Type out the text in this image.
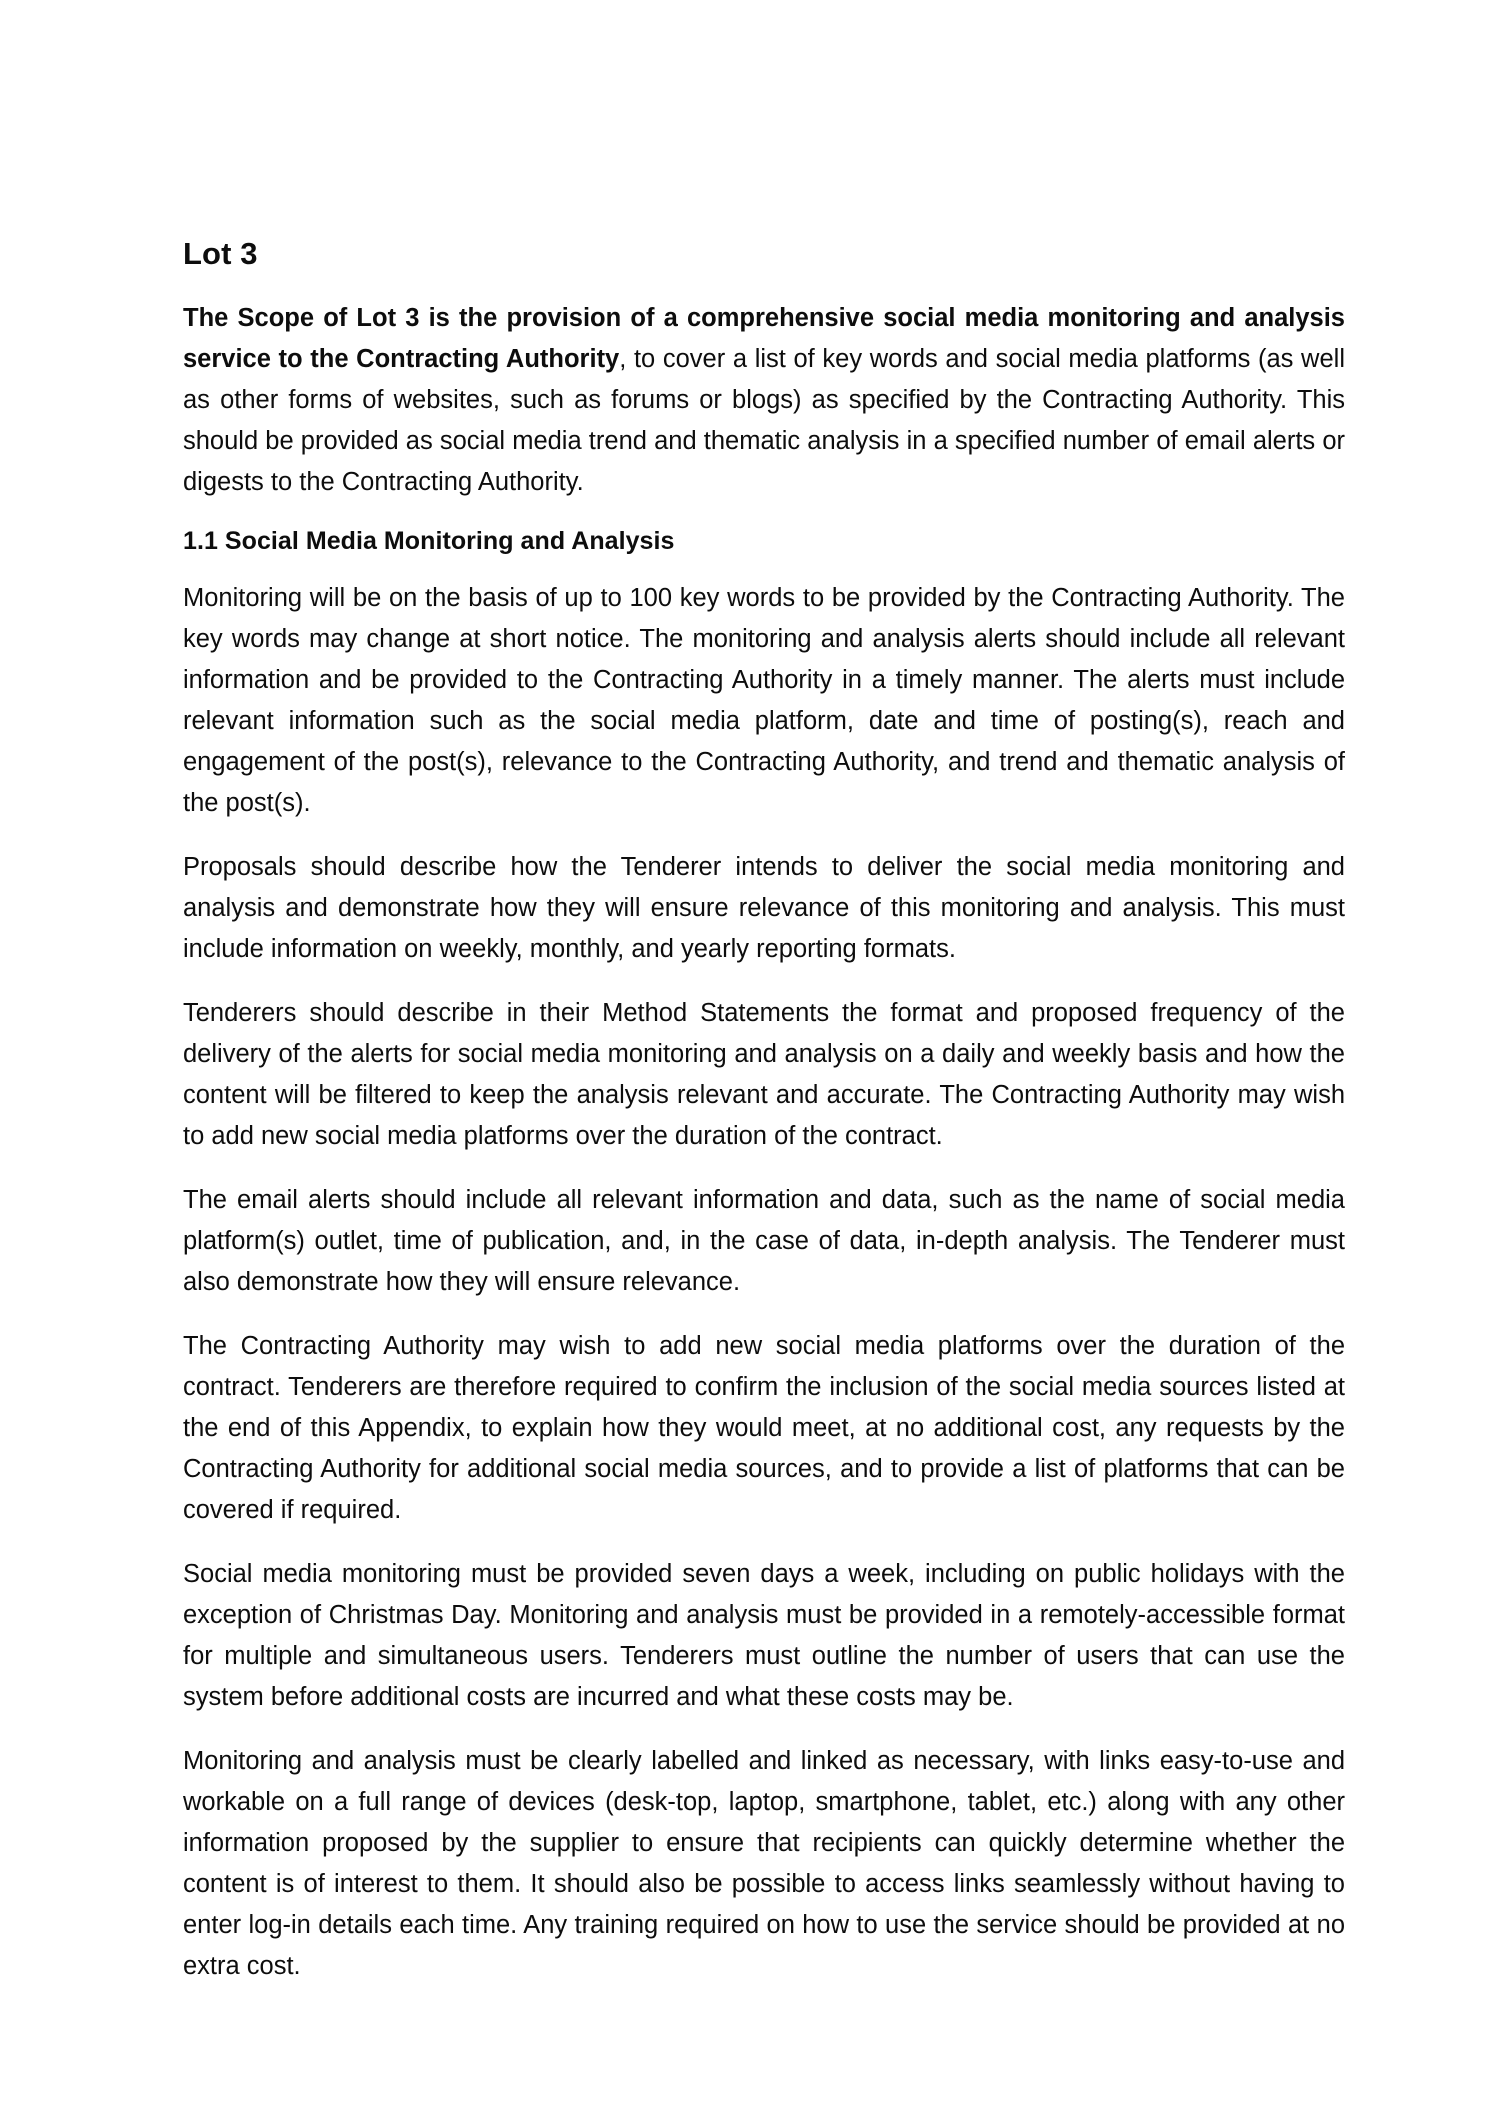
Lot 3

The Scope of Lot 3 is the provision of a comprehensive social media monitoring and analysis service to the Contracting Authority, to cover a list of key words and social media platforms (as well as other forms of websites, such as forums or blogs) as specified by the Contracting Authority. This should be provided as social media trend and thematic analysis in a specified number of email alerts or digests to the Contracting Authority.

1.1 Social Media Monitoring and Analysis

Monitoring will be on the basis of up to 100 key words to be provided by the Contracting Authority. The key words may change at short notice. The monitoring and analysis alerts should include all relevant information and be provided to the Contracting Authority in a timely manner. The alerts must include relevant information such as the social media platform, date and time of posting(s), reach and engagement of the post(s), relevance to the Contracting Authority, and trend and thematic analysis of the post(s).

Proposals should describe how the Tenderer intends to deliver the social media monitoring and analysis and demonstrate how they will ensure relevance of this monitoring and analysis. This must include information on weekly, monthly, and yearly reporting formats.

Tenderers should describe in their Method Statements the format and proposed frequency of the delivery of the alerts for social media monitoring and analysis on a daily and weekly basis and how the content will be filtered to keep the analysis relevant and accurate. The Contracting Authority may wish to add new social media platforms over the duration of the contract.

The email alerts should include all relevant information and data, such as the name of social media platform(s) outlet, time of publication, and, in the case of data, in-depth analysis. The Tenderer must also demonstrate how they will ensure relevance.

The Contracting Authority may wish to add new social media platforms over the duration of the contract. Tenderers are therefore required to confirm the inclusion of the social media sources listed at the end of this Appendix, to explain how they would meet, at no additional cost, any requests by the Contracting Authority for additional social media sources, and to provide a list of platforms that can be covered if required.

Social media monitoring must be provided seven days a week, including on public holidays with the exception of Christmas Day. Monitoring and analysis must be provided in a remotely-accessible format for multiple and simultaneous users. Tenderers must outline the number of users that can use the system before additional costs are incurred and what these costs may be.

Monitoring and analysis must be clearly labelled and linked as necessary, with links easy-to-use and workable on a full range of devices (desk-top, laptop, smartphone, tablet, etc.) along with any other information proposed by the supplier to ensure that recipients can quickly determine whether the content is of interest to them. It should also be possible to access links seamlessly without having to enter log-in details each time. Any training required on how to use the service should be provided at no extra cost.
